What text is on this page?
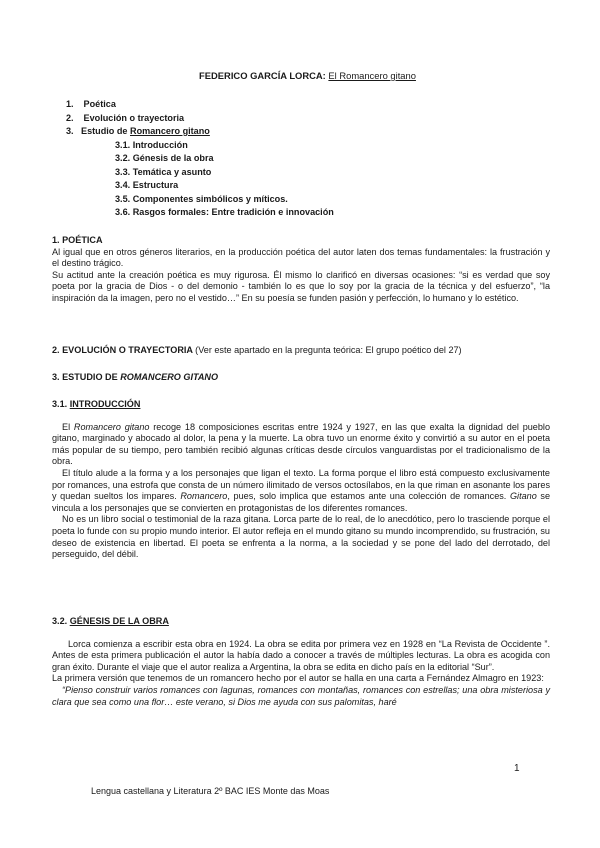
FEDERICO GARCÍA LORCA: El Romancero gitano
1. Poética
2. Evolución o trayectoria
3. Estudio de Romancero gitano
3.1. Introducción
3.2. Génesis de la obra
3.3. Temática y asunto
3.4. Estructura
3.5. Componentes simbólicos y míticos.
3.6. Rasgos formales: Entre tradición e innovación

1. POÉTICA

Al igual que en otros géneros literarios, en la producción poética del autor laten dos temas fundamentales: la frustración y el destino trágico.

Su actitud ante la creación poética es muy rigurosa. Él mismo lo clarificó en diversas ocasiones: “si es verdad que soy poeta por la gracia de Dios - o del demonio - también lo es que lo soy por la gracia de la técnica y del esfuerzo”, “la inspiración da la imagen, pero no el vestido…” En su poesía se funden pasión y perfección, lo humano y lo estético.

2. EVOLUCIÓN O TRAYECTORIA (Ver este apartado en la pregunta teórica: El grupo poético del 27)

3. ESTUDIO DE ROMANCERO GITANO

3.1. INTRODUCCIÓN

El Romancero gitano recoge 18 composiciones escritas entre 1924 y 1927, en las que exalta la dignidad del pueblo gitano, marginado y abocado al dolor, la pena y la muerte. La obra tuvo un enorme éxito y convirtió a su autor en el poeta más popular de su tiempo, pero también recibió algunas críticas desde círculos vanguardistas por el tradicionalismo de la obra.

El título alude a la forma y a los personajes que ligan el texto. La forma porque el libro está compuesto exclusivamente por romances, una estrofa que consta de un número ilimitado de versos octosílabos, en la que riman en asonante los pares y quedan sueltos los impares. Romancero, pues, solo implica que estamos ante una colección de romances. Gitano se vincula a los personajes que se convierten en protagonistas de los diferentes romances.

No es un libro social o testimonial de la raza gitana. Lorca parte de lo real, de lo anecdótico, pero lo trasciende porque el poeta lo funde con su propio mundo interior. El autor refleja en el mundo gitano su mundo incomprendido, su frustración, su deseo de existencia en libertad. El poeta se enfrenta a la norma, a la sociedad y se pone del lado del derrotado, del perseguido, del débil.

3.2. GÉNESIS DE LA OBRA

Lorca comienza a escribir esta obra en 1924. La obra se edita por primera vez en 1928 en “La Revista de Occidente ”. Antes de esta primera publicación el autor la había dado a conocer a través de múltiples lecturas. La obra es acogida con gran éxito. Durante el viaje que el autor realiza a Argentina, la obra se edita en dicho país en la editorial “Sur”.

La primera versión que tenemos de un romancero hecho por el autor se halla en una carta a Fernández Almagro en 1923:

“Pienso construir varios romances con lagunas, romances con montañas, romances con estrellas; una obra misteriosa y clara que sea como una flor… este verano, si Dios me ayuda con sus palomitas, haré

1
Lengua castellana y Literatura 2º BAC IES Monte das Moas
